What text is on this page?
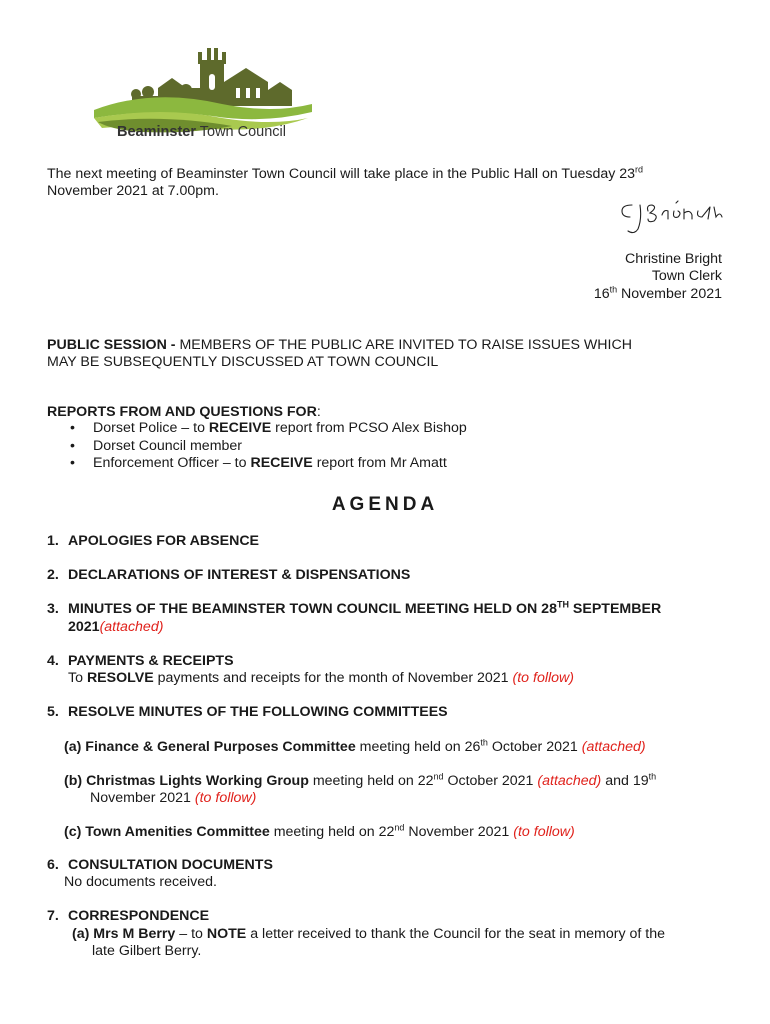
Beaminster Town Council
The next meeting of Beaminster Town Council will take place in the Public Hall on Tuesday 23rd
November 2021 at 7.00pm.
Christine Bright
Town Clerk
16th November 2021
PUBLIC SESSION - MEMBERS OF THE PUBLIC ARE INVITED TO RAISE ISSUES WHICH
MAY BE SUBSEQUENTLY DISCUSSED AT TOWN COUNCIL
REPORTS FROM AND QUESTIONS FOR:
• Dorset Police – to RECEIVE report from PCSO Alex Bishop
• Dorset Council member
• Enforcement Officer – to RECEIVE report from Mr Amatt
AGENDA
1. APOLOGIES FOR ABSENCE
2. DECLARATIONS OF INTEREST & DISPENSATIONS
3. MINUTES OF THE BEAMINSTER TOWN COUNCIL MEETING HELD ON 28TH SEPTEMBER
2021(attached)
4. PAYMENTS & RECEIPTS
To RESOLVE payments and receipts for the month of November 2021 (to follow)
5. RESOLVE MINUTES OF THE FOLLOWING COMMITTEES
(a) Finance & General Purposes Committee meeting held on 26th October 2021 (attached)
(b) Christmas Lights Working Group meeting held on 22nd October 2021 (attached) and 19th
November 2021 (to follow)
(c) Town Amenities Committee meeting held on 22nd November 2021 (to follow)
6. CONSULTATION DOCUMENTS
No documents received.
7. CORRESPONDENCE
(a) Mrs M Berry – to NOTE a letter received to thank the Council for the seat in memory of the
late Gilbert Berry.
